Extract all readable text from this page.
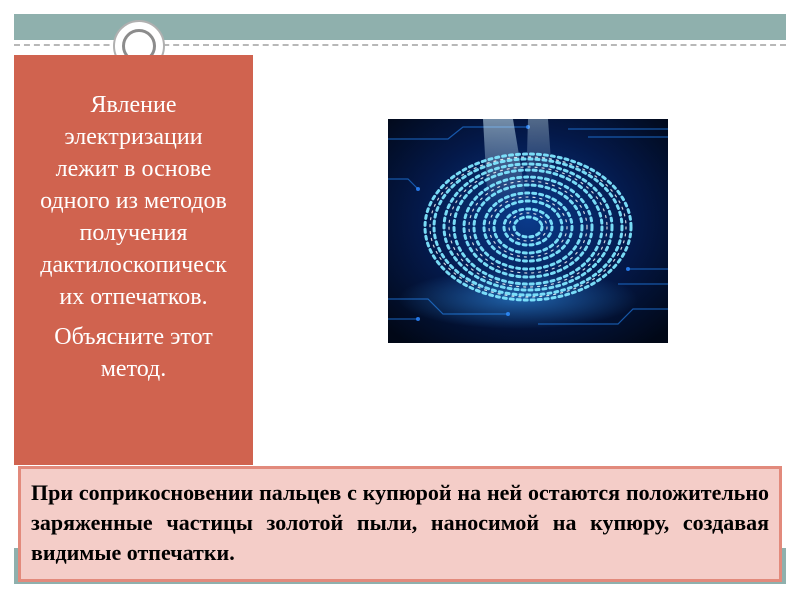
Явление
электризации
лежит в основе
одного из методов
получения
дактилоскопическ
их отпечатков.

Объясните этот
метод.

При соприкосновении пальцев с купюрой на ней остаются положительно заряженные частицы золотой пыли, наносимой на купюру, создавая видимые отпечатки.
